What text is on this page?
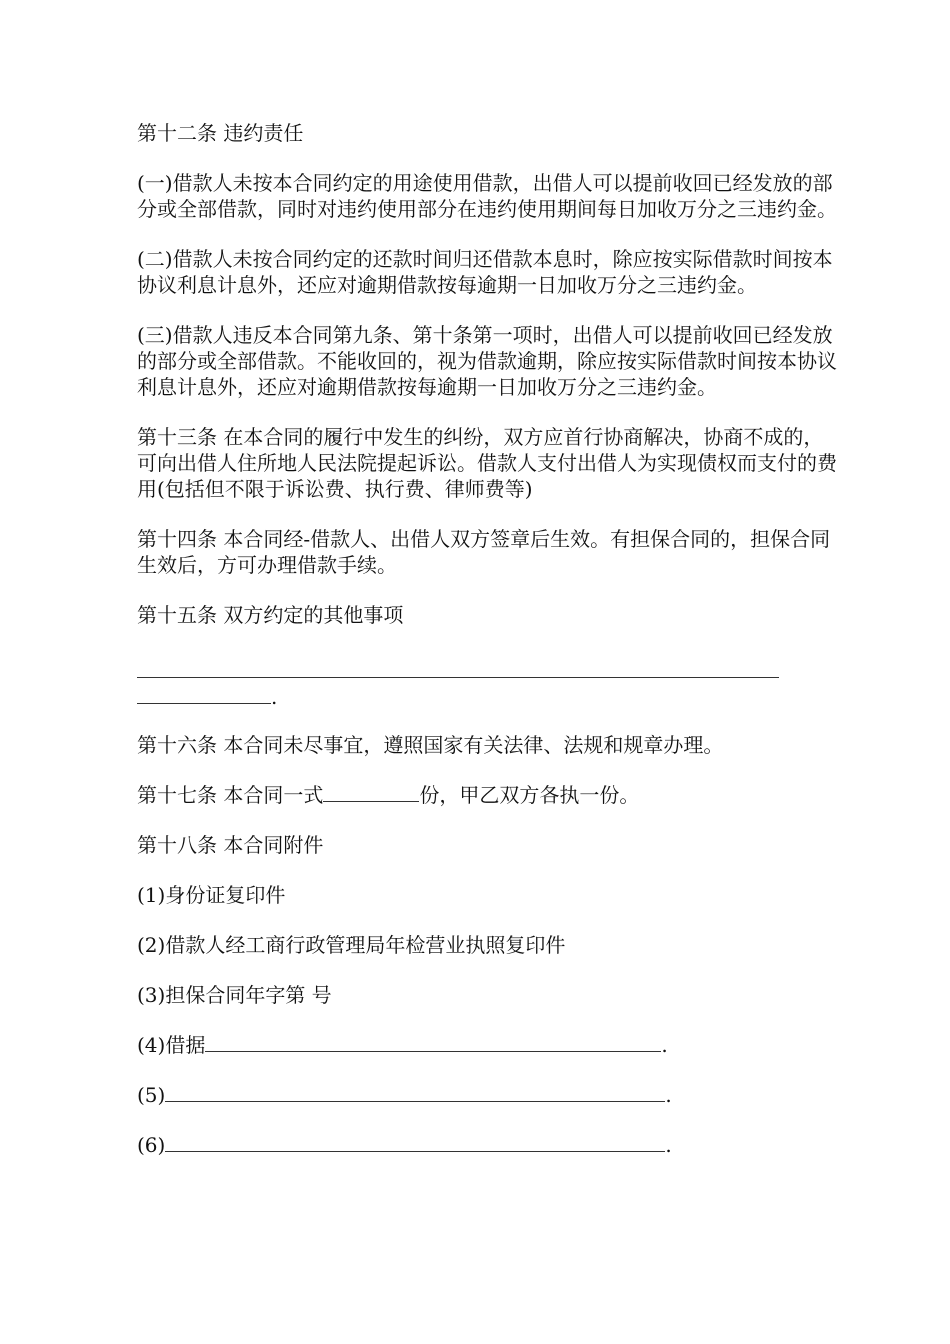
第十二条 违约责任

(一)借款人未按本合同约定的用途使用借款，出借人可以提前收回已经发放的部分或全部借款，同时对违约使用部分在违约使用期间每日加收万分之三违约金。

(二)借款人未按合同约定的还款时间归还借款本息时，除应按实际借款时间按本协议利息计息外，还应对逾期借款按每逾期一日加收万分之三违约金。

(三)借款人违反本合同第九条、第十条第一项时，出借人可以提前收回已经发放的部分或全部借款。不能收回的，视为借款逾期，除应按实际借款时间按本协议利息计息外，还应对逾期借款按每逾期一日加收万分之三违约金。

第十三条 在本合同的履行中发生的纠纷，双方应首行协商解决，协商不成的，可向出借人住所地人民法院提起诉讼。借款人支付出借人为实现债权而支付的费用(包括但不限于诉讼费、执行费、律师费等)

第十四条 本合同经-借款人、出借人双方签章后生效。有担保合同的，担保合同生效后，方可办理借款手续。

第十五条 双方约定的其他事项

.

第十六条 本合同未尽事宜，遵照国家有关法律、法规和规章办理。

第十七条 本合同一式	份，甲乙双方各执一份。

第十八条 本合同附件

(1)身份证复印件

(2)借款人经工商行政管理局年检营业执照复印件

(3)担保合同年字第 号

(4)借据	.

(5)	.

(6)	.
